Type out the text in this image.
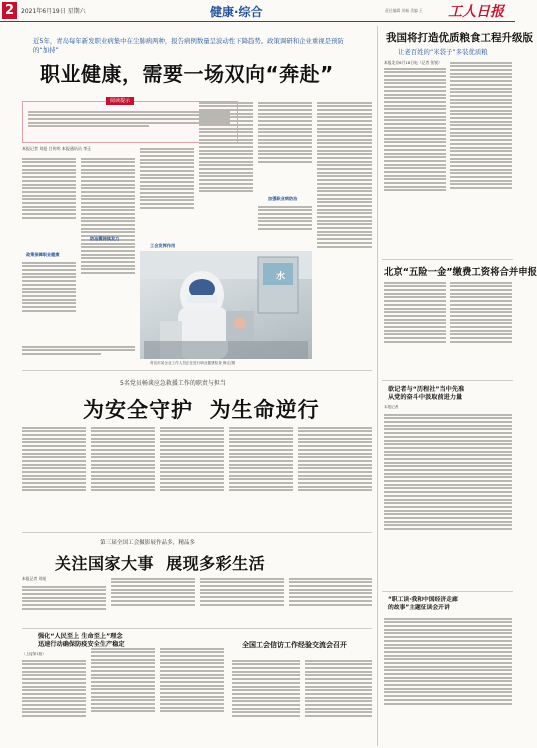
2	2021年6月19日 星期六	健康·综合	责任编辑 刘畅 美编 王 工人日报
近5年，青岛每年新发职业病集中在尘肺病两种，报告病例数量呈波动性下降趋势。政策调研和企业重视是预防的“加持”
职业健康，需要一场双向“奔赴”
阅读提示
本报记者 刘旭 吕传明 本报通讯员 李正
政策保障职业健康
工会发挥作用
加强职业病防治
水
青岛市某企业工作人员正在进行职业健康检查 修正/摄
防治需持续发力
5名党员畅谈应急救援工作的职责与担当
为安全守护  为生命逆行
第三届全国工会摄影展作品多，精品多
关注国家大事  展现多彩生活
本报记者 刘旭
强化“人民至上 生命至上”理念
迅速行动确保防疫安全生产稳定
（上接第1版）
全国工会信访工作经验交流会召开
我国将打造优质粮食工程升级版
让老百姓的“米袋子”多装优质粮
本报北京6月18日电（记者 张锐）
北京“五险一金”缴费工资将合并申报
欲记者与“历程社”当中先准
从党的奋斗中汲取前进力量
本报记者
“职工读·我和中国经济走廊
的故事”主题征读会开讲
